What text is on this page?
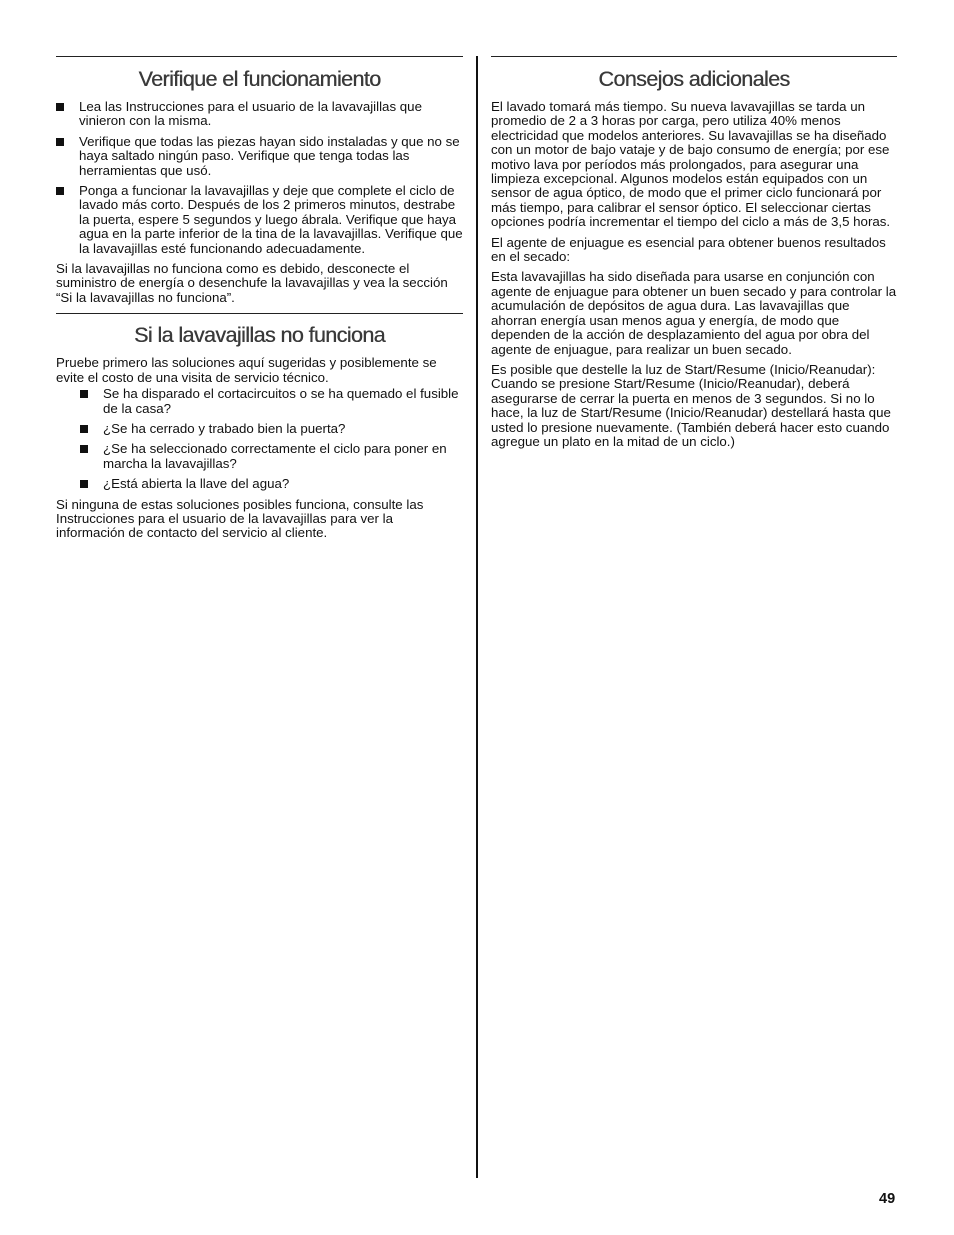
Verifique el funcionamiento
Lea las Instrucciones para el usuario de la lavavajillas que vinieron con la misma.
Verifique que todas las piezas hayan sido instaladas y que no se haya saltado ningún paso. Verifique que tenga todas las herramientas que usó.
Ponga a funcionar la lavavajillas y deje que complete el ciclo de lavado más corto. Después de los 2 primeros minutos, destrabe la puerta, espere 5 segundos y luego ábrala. Verifique que haya agua en la parte inferior de la tina de la lavavajillas. Verifique que la lavavajillas esté funcionando adecuadamente.

Si la lavavajillas no funciona como es debido, desconecte el suministro de energía o desenchufe la lavavajillas y vea la sección “Si la lavavajillas no funciona”.

Si la lavavajillas no funciona

Pruebe primero las soluciones aquí sugeridas y posiblemente se evite el costo de una visita de servicio técnico.

Se ha disparado el cortacircuitos o se ha quemado el fusible de la casa?
¿Se ha cerrado y trabado bien la puerta?
¿Se ha seleccionado correctamente el ciclo para poner en marcha la lavavajillas?
¿Está abierta la llave del agua?

Si ninguna de estas soluciones posibles funciona, consulte las Instrucciones para el usuario de la lavavajillas para ver la información de contacto del servicio al cliente.

Consejos adicionales

El lavado tomará más tiempo. Su nueva lavavajillas se tarda un promedio de 2 a 3 horas por carga, pero utiliza 40% menos electricidad que modelos anteriores. Su lavavajillas se ha diseñado con un motor de bajo vataje y de bajo consumo de energía; por ese motivo lava por períodos más prolongados, para asegurar una limpieza excepcional. Algunos modelos están equipados con un sensor de agua óptico, de modo que el primer ciclo funcionará por más tiempo, para calibrar el sensor óptico. El seleccionar ciertas opciones podría incrementar el tiempo del ciclo a más de 3,5 horas.

El agente de enjuague es esencial para obtener buenos resultados en el secado:

Esta lavavajillas ha sido diseñada para usarse en conjunción con agente de enjuague para obtener un buen secado y para controlar la acumulación de depósitos de agua dura. Las lavavajillas que ahorran energía usan menos agua y energía, de modo que dependen de la acción de desplazamiento del agua por obra del agente de enjuague, para realizar un buen secado.

Es posible que destelle la luz de Start/Resume (Inicio/Reanudar): Cuando se presione Start/Resume (Inicio/Reanudar), deberá asegurarse de cerrar la puerta en menos de 3 segundos. Si no lo hace, la luz de Start/Resume (Inicio/Reanudar) destellará hasta que usted lo presione nuevamente. (También deberá hacer esto cuando agregue un plato en la mitad de un ciclo.)

49
